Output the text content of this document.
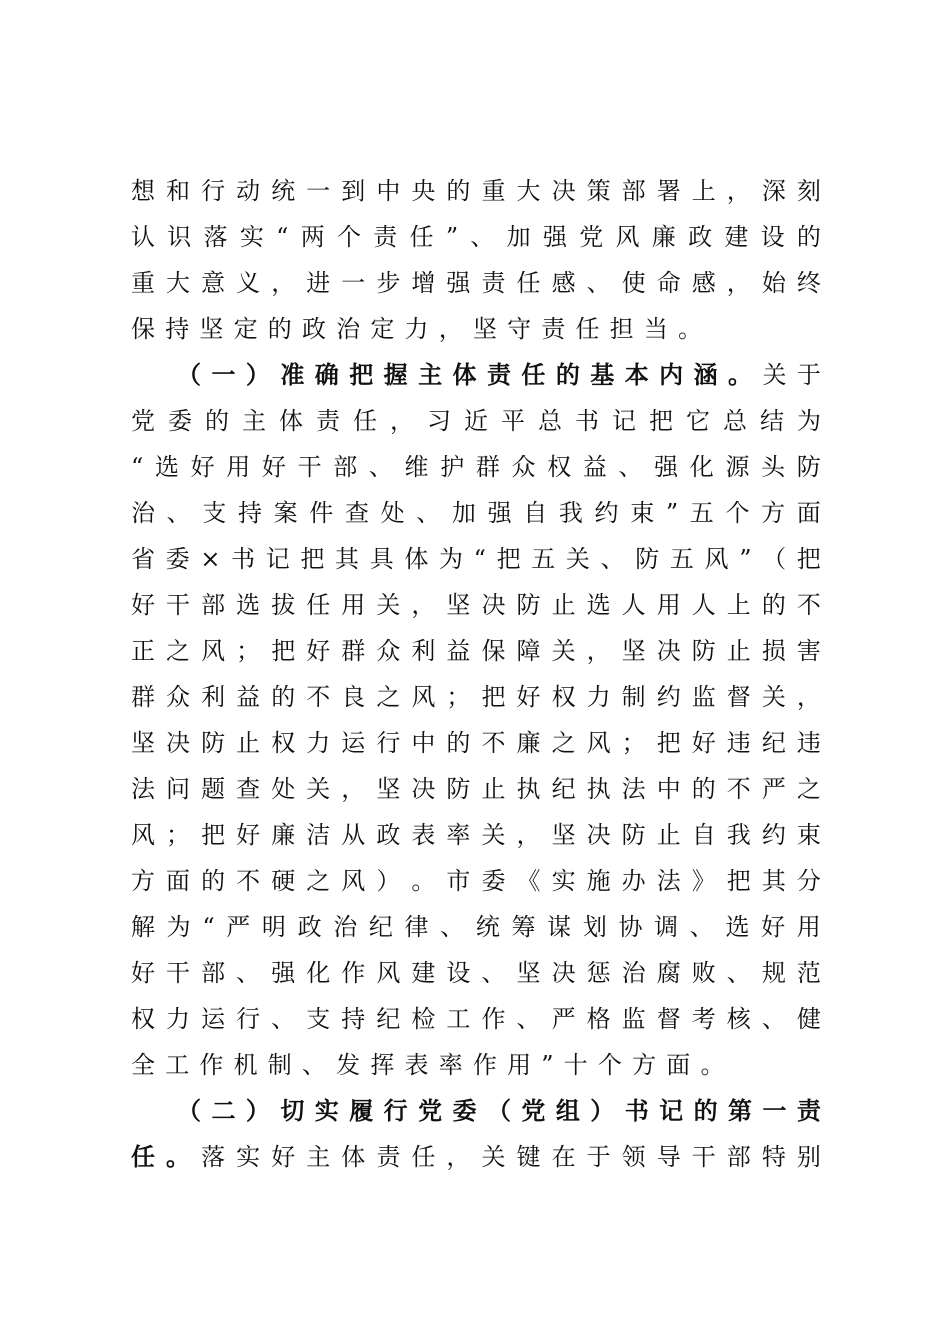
想 和 行 动 统 一 到 中 央 的 重 大 决 策 部 署 上 ， 深 刻
认 识 落 实 “ 两 个 责 任 ” 、 加 强 党 风 廉 政 建 设 的
重 大 意 义 ， 进 一 步 增 强 责 任 感 、 使 命 感 ， 始 终
保 持 坚 定 的 政 治 定 力 ， 坚 守 责 任 担 当 。
（ 一 ） 准 确 把 握 主 体 责 任 的 基 本 内 涵 。 关 于
党 委 的 主 体 责 任 ， 习 近 平 总 书 记 把 它 总 结 为
“ 选 好 用 好 干 部 、 维 护 群 众 权 益 、 强 化 源 头 防
治 、 支 持 案 件 查 处 、 加 强 自 我 约 束 ” 五 个 方 面
省 委 × 书 记 把 其 具 体 为 “ 把 五 关 、 防 五 风 ” （ 把
好 干 部 选 拔 任 用 关 ， 坚 决 防 止 选 人 用 人 上 的 不
正 之 风 ； 把 好 群 众 利 益 保 障 关 ， 坚 决 防 止 损 害
群 众 利 益 的 不 良 之 风 ； 把 好 权 力 制 约 监 督 关 ，
坚 决 防 止 权 力 运 行 中 的 不 廉 之 风 ； 把 好 违 纪 违
法 问 题 查 处 关 ， 坚 决 防 止 执 纪 执 法 中 的 不 严 之
风 ； 把 好 廉 洁 从 政 表 率 关 ， 坚 决 防 止 自 我 约 束
方 面 的 不 硬 之 风 ） 。 市 委 《 实 施 办 法 》 把 其 分
解 为 “ 严 明 政 治 纪 律 、 统 筹 谋 划 协 调 、 选 好 用
好 干 部 、 强 化 作 风 建 设 、 坚 决 惩 治 腐 败 、 规 范
权 力 运 行 、 支 持 纪 检 工 作 、 严 格 监 督 考 核 、 健
全 工 作 机 制 、 发 挥 表 率 作 用 ” 十 个 方 面 。
（ 二 ） 切 实 履 行 党 委 （ 党 组 ） 书 记 的 第 一 责
任 。 落 实 好 主 体 责 任 ， 关 键 在 于 领 导 干 部 特 别
